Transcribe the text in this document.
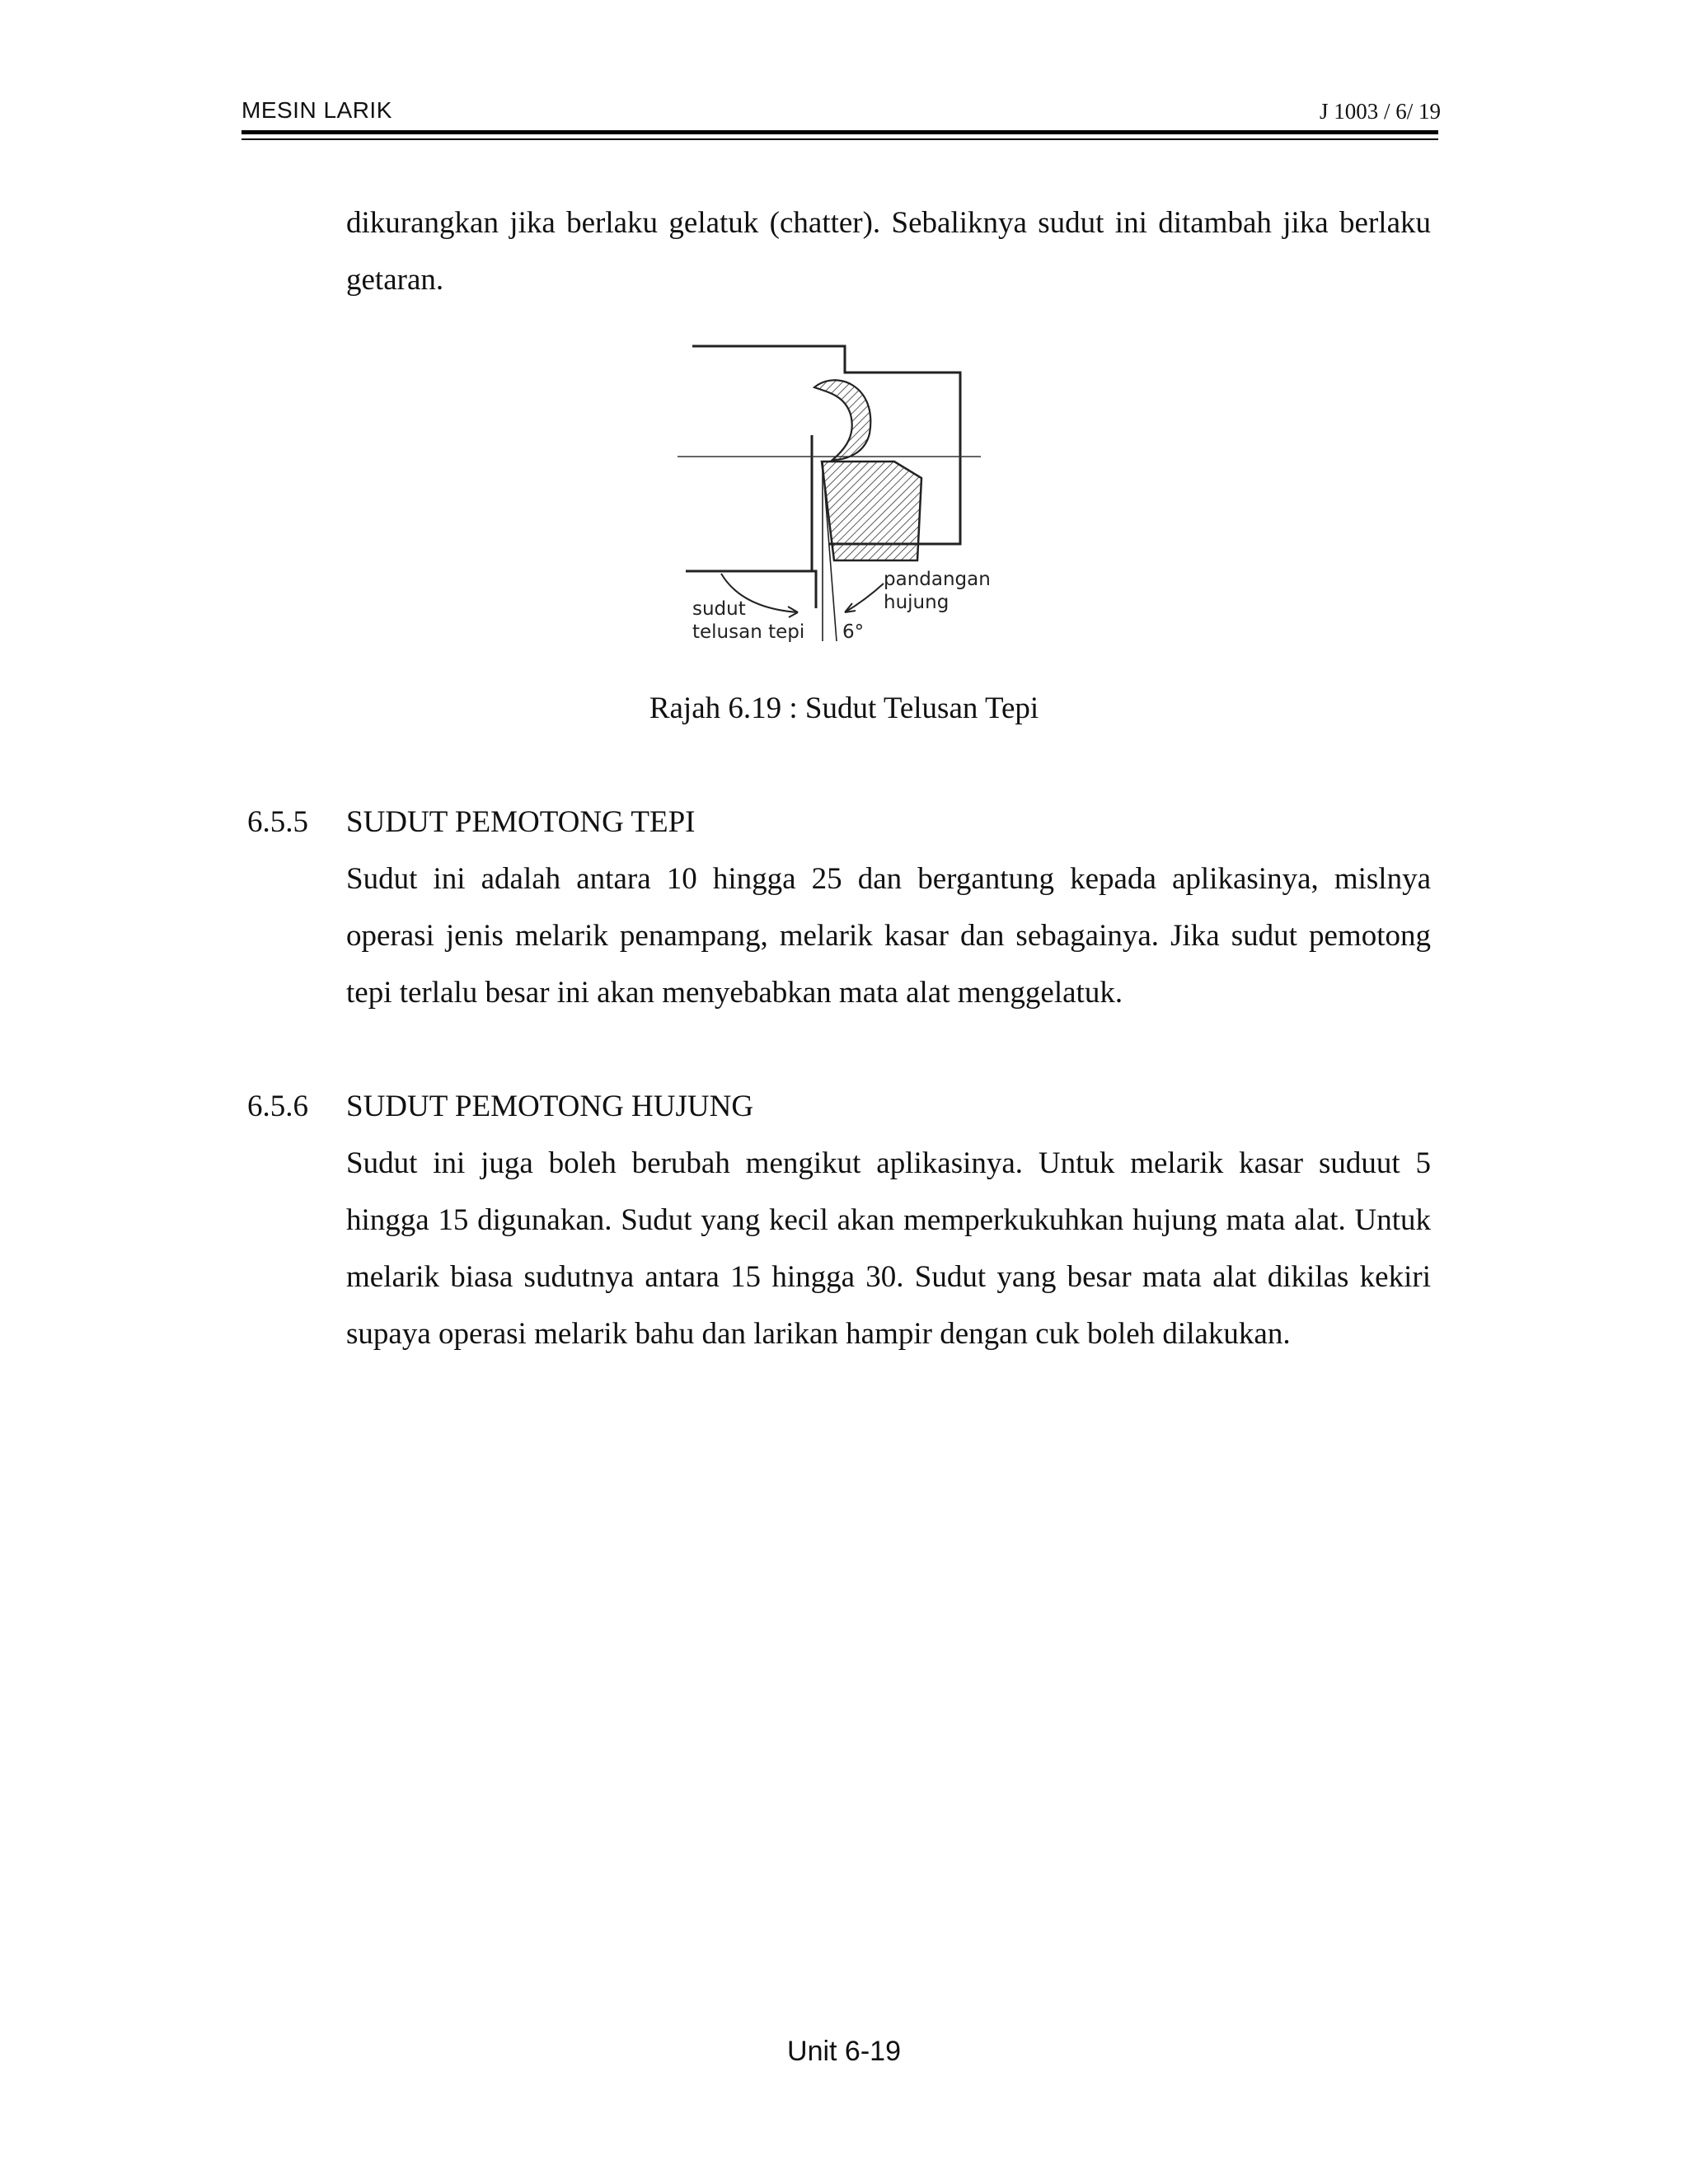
MESIN LARIK	J 1003 / 6/ 19
dikurangkan jika berlaku gelatuk (chatter). Sebaliknya sudut ini ditambah jika berlaku getaran.
pandangan
hujung
sudut
telusan tepi 6°
Rajah 6.19 : Sudut Telusan Tepi
6.5.5 SUDUT PEMOTONG TEPI
Sudut ini adalah antara 10 hingga 25 dan bergantung kepada aplikasinya, mislnya operasi jenis melarik penampang, melarik kasar dan sebagainya. Jika sudut pemotong tepi terlalu besar ini akan menyebabkan mata alat menggelatuk.
6.5.6 SUDUT PEMOTONG HUJUNG
Sudut ini juga boleh berubah mengikut aplikasinya. Untuk melarik kasar suduut 5 hingga 15 digunakan. Sudut yang kecil akan memperkukuhkan hujung mata alat. Untuk melarik biasa sudutnya antara 15 hingga 30. Sudut yang besar mata alat dikilas kekiri supaya operasi melarik bahu dan larikan hampir dengan cuk boleh dilakukan.
Unit 6-19
